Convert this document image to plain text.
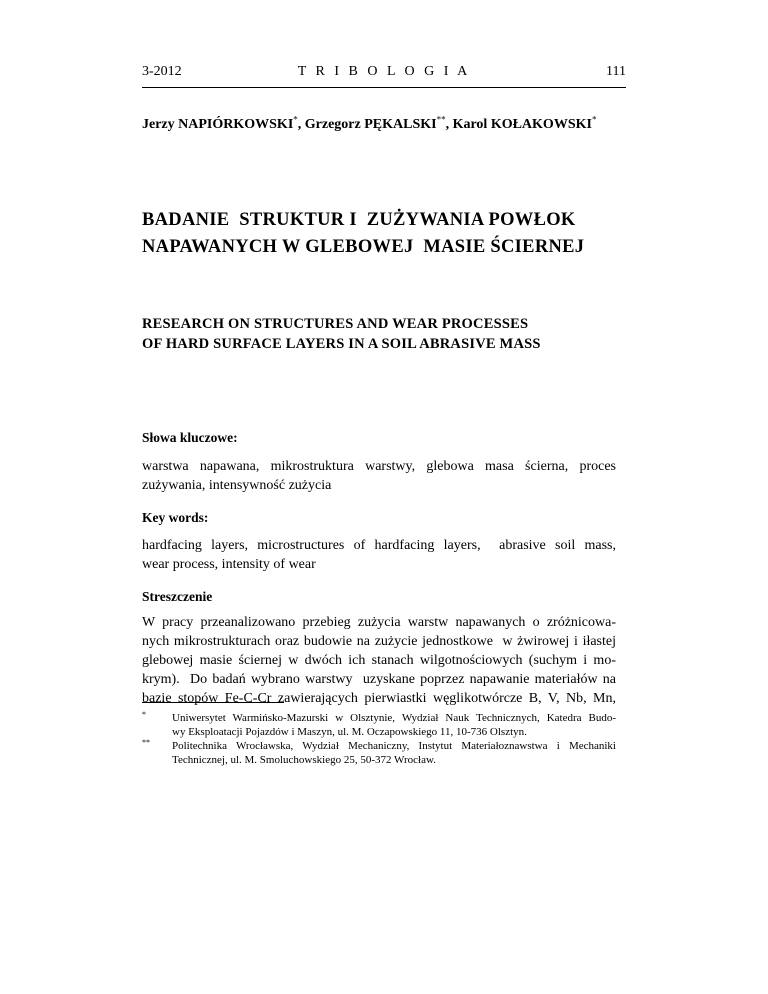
3-2012	T R I B O L O G I A	111
Jerzy NAPIÓRKOWSKI*, Grzegorz PĘKALSKI**, Karol KOŁAKOWSKI*
BADANIE  STRUKTUR I  ZUŻYWANIA POWŁOK
NAPAWANYCH W GLEBOWEJ  MASIE ŚCIERNEJ
RESEARCH ON STRUCTURES AND WEAR PROCESSES
OF HARD SURFACE LAYERS IN A SOIL ABRASIVE MASS
Słowa kluczowe:
warstwa napawana, mikrostruktura warstwy, glebowa masa ścierna, proces
zużywania, intensywność zużycia
Key words:
hardfacing layers, microstructures of hardfacing layers,  abrasive soil mass,
wear process, intensity of wear
Streszczenie
W pracy przeanalizowano przebieg zużycia warstw napawanych o zróżnicowa-
nych mikrostrukturach oraz budowie na zużycie jednostkowe  w żwirowej i iłastej
glebowej masie ściernej w dwóch ich stanach wilgotnościowych (suchym i mo-
krym).  Do badań wybrano warstwy  uzyskane poprzez napawanie materiałów na
bazie stopów Fe-C-Cr zawierających pierwiastki węglikotwórcze B, V, Nb, Mn,
* Uniwersytet Warmińsko-Mazurski w Olsztynie, Wydział Nauk Technicznych, Katedra Budo-
wy Eksploatacji Pojazdów i Maszyn, ul. M. Oczapowskiego 11, 10-736 Olsztyn.
** Politechnika Wrocławska, Wydział Mechaniczny, Instytut Materiałoznawstwa i Mechaniki
Technicznej, ul. M. Smoluchowskiego 25, 50-372 Wrocław.
